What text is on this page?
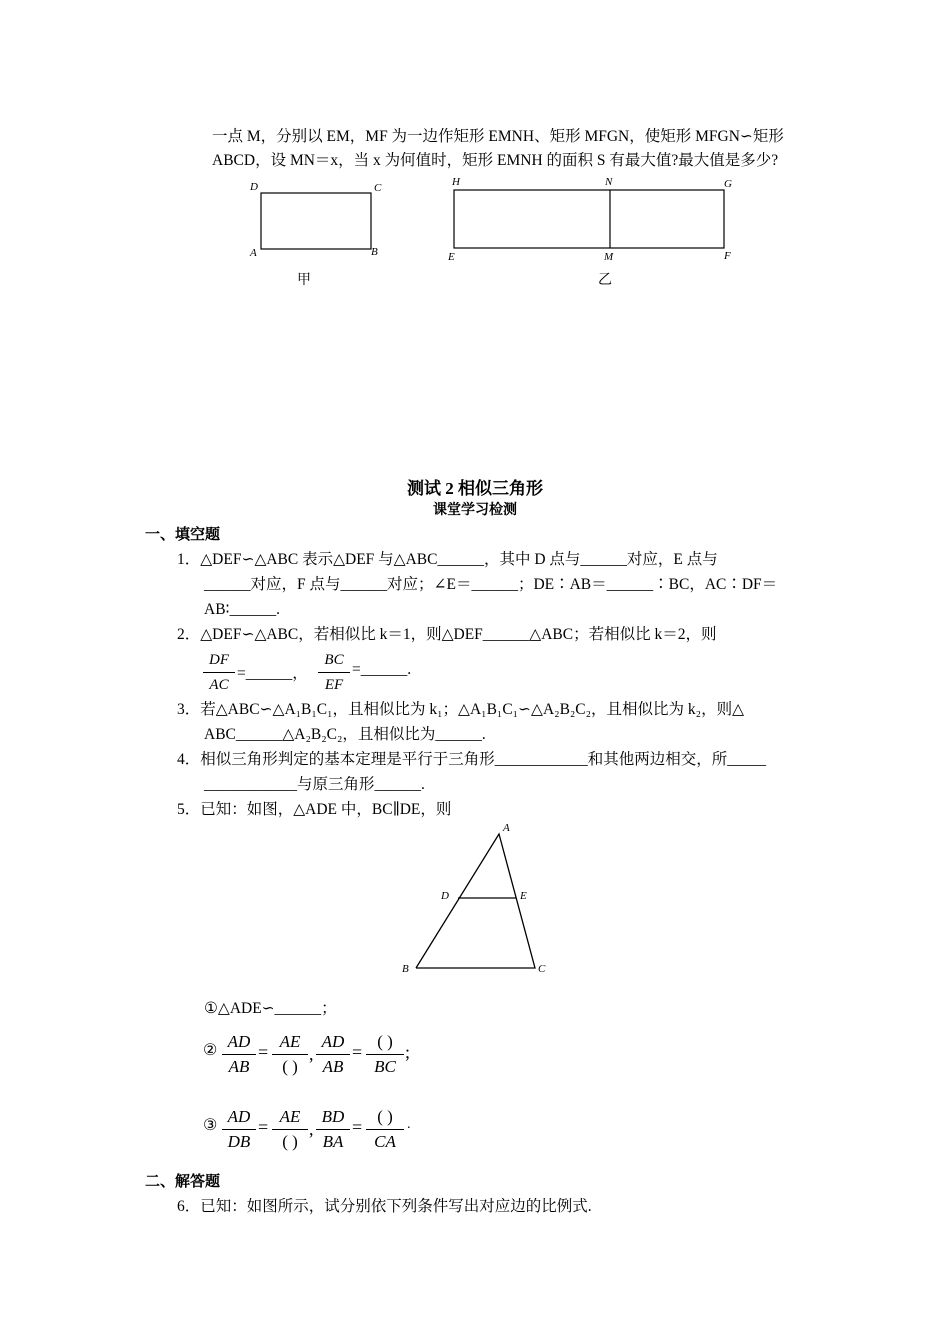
一点 M，分别以 EM，MF 为一边作矩形 EMNH、矩形 MFGN，使矩形 MFGN∽矩形
ABCD，设 MN＝x，当 x 为何值时，矩形 EMNH 的面积 S 有最大值?最大值是多少?
D	C
A	B
甲
H	N	G
E	M	F
乙
测试 2 相似三角形
课堂学习检测
一、填空题
1．△DEF∽△ABC 表示△DEF 与△ABC______，其中 D 点与______对应，E 点与
______对应，F 点与______对应；∠E＝______；DE∶AB＝______∶BC，AC∶DF＝
AB∶______.
2．△DEF∽△ABC，若相似比 k＝1，则△DEF______△ABC；若相似比 k＝2，则
DF
AC
=______，
BC
EF
=______.
3．若△ABC∽△A₁B₁C₁，且相似比为 k₁；△A₁B₁C₁∽△A₂B₂C₂，且相似比为 k₂，则△
ABC______△A₂B₂C₂，且相似比为______.
4．相似三角形判定的基本定理是平行于三角形____________和其他两边相交，所_____
____________与原三角形______.
5．已知：如图，△ADE 中，BC∥DE，则
A
D	E
B	C
①△ADE∽______；
② AD
AB
=
AE
( )
,
AD
AB
=
( )
BC
;
③ AD
DB
=
AE
( )
,
BD
BA
=
( )
CA
.
二、解答题
6．已知：如图所示，试分别依下列条件写出对应边的比例式.
